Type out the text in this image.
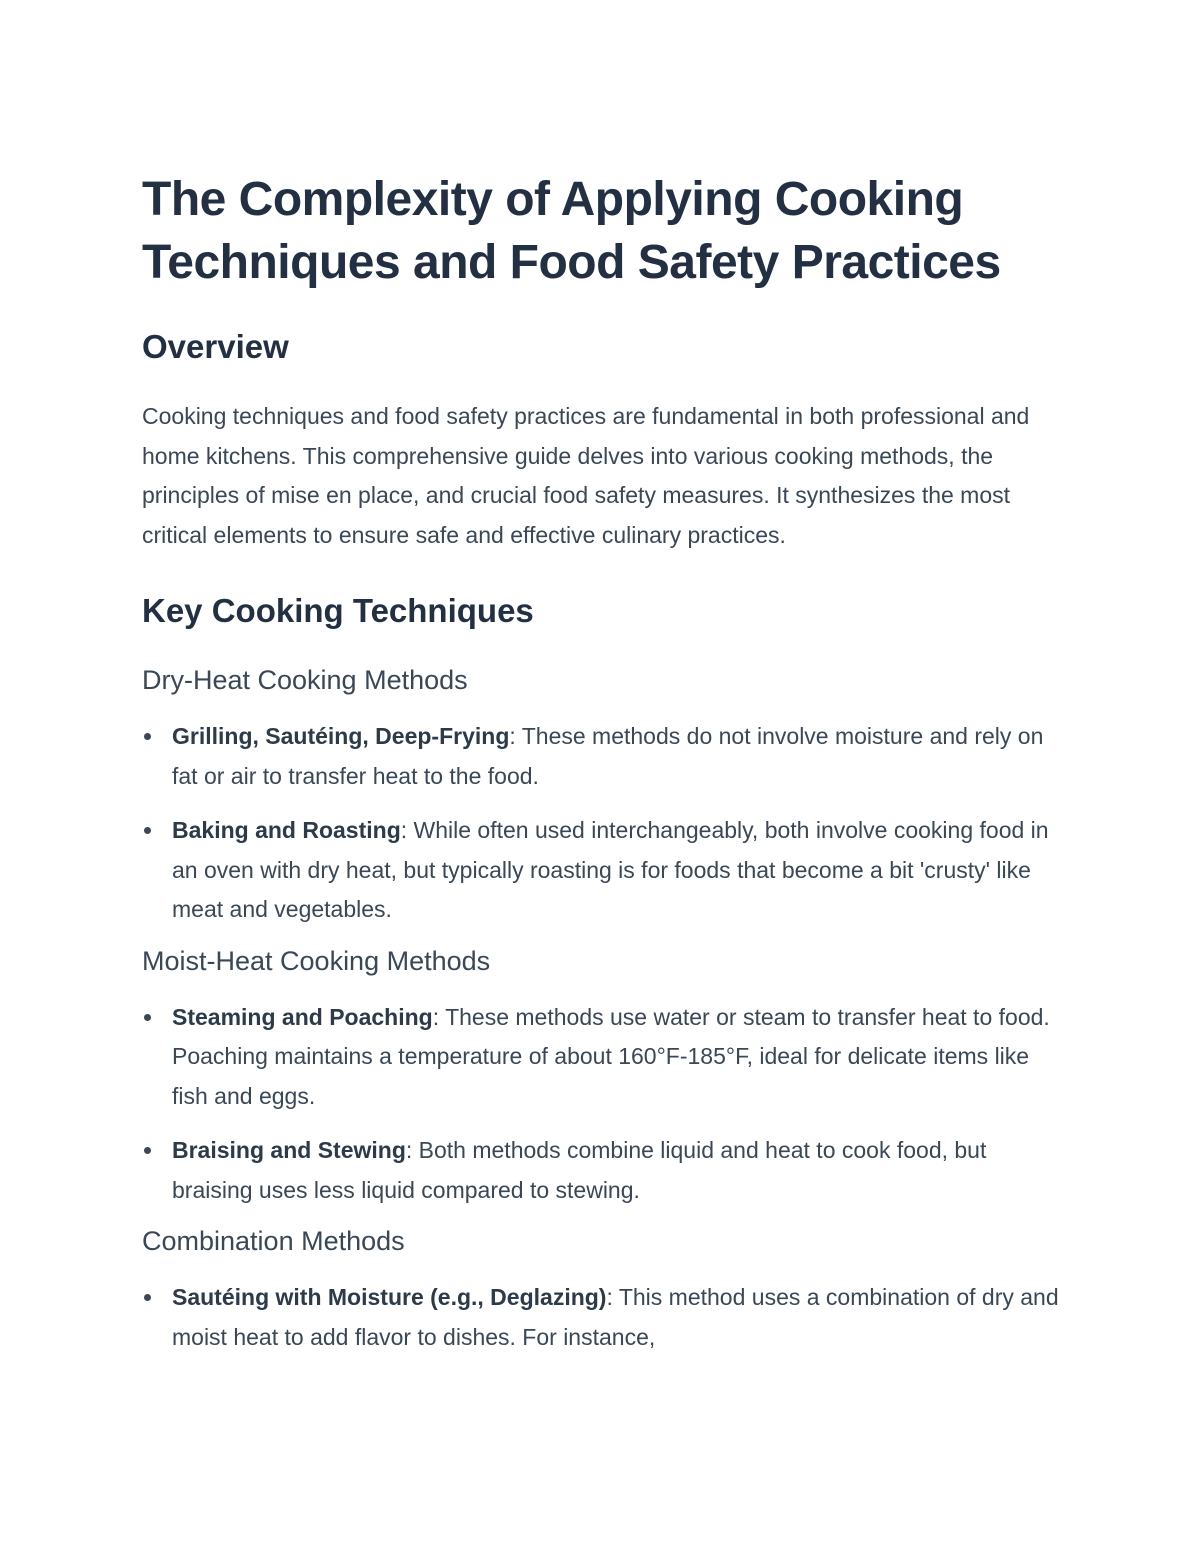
The Complexity of Applying Cooking Techniques and Food Safety Practices
Overview

Cooking techniques and food safety practices are fundamental in both professional and home kitchens. This comprehensive guide delves into various cooking methods, the principles of mise en place, and crucial food safety measures. It synthesizes the most critical elements to ensure safe and effective culinary practices.

Key Cooking Techniques
Dry-Heat Cooking Methods
Grilling, Sautéing, Deep-Frying: These methods do not involve moisture and rely on fat or air to transfer heat to the food.
Baking and Roasting: While often used interchangeably, both involve cooking food in an oven with dry heat, but typically roasting is for foods that become a bit 'crusty' like meat and vegetables.
Moist-Heat Cooking Methods
Steaming and Poaching: These methods use water or steam to transfer heat to food. Poaching maintains a temperature of about 160°F-185°F, ideal for delicate items like fish and eggs.
Braising and Stewing: Both methods combine liquid and heat to cook food, but braising uses less liquid compared to stewing.
Combination Methods
Sautéing with Moisture (e.g., Deglazing): This method uses a combination of dry and moist heat to add flavor to dishes. For instance,
